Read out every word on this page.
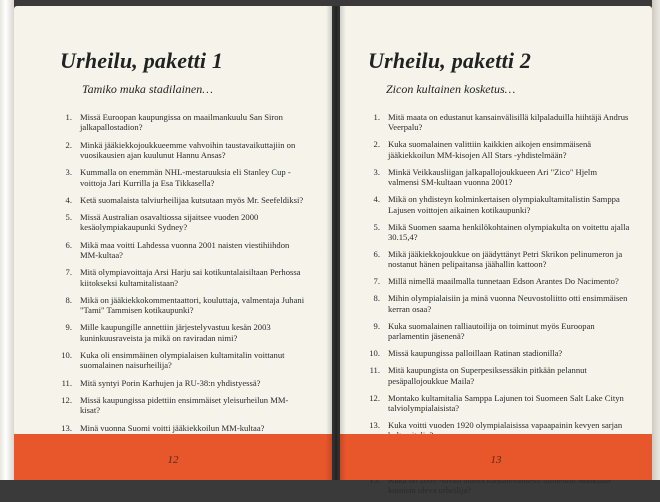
Urheilu, paketti 1
Tamiko muka stadilainen…
1. Missä Euroopan kaupungissa on maailmankuulu San Siron jalkapallostadion?
2. Minkä jääkiekkojoukkueemme vahvoihin taustavaikuttajiin on vuosikausien ajan kuulunut Hannu Ansas?
3. Kummalla on enemmän NHL-mestaruuksia eli Stanley Cup -voittoja Jari Kurrilla ja Esa Tikkasella?
4. Ketä suomalaista talviurheilijaa kutsutaan myös Mr. Seefeldiksi?
5. Missä Australian osavaltiossa sijaitsee vuoden 2000 kesäolympiakaupunki Sydney?
6. Mikä maa voitti Lahdessa vuonna 2001 naisten viestihiihdon MM-kultaa?
7. Mitä olympiavoittaja Arsi Harju sai kotikuntalaisiltaan Perhossa kiitokseksi kultamitalistaan?
8. Mikä on jääkiekkokommentaattori, kouluttaja, valmentaja Juhani "Tami" Tammisen kotikaupunki?
9. Mille kaupungille annettiin järjestelyvastuu kesän 2003 kuninkuusraveista ja mikä on raviradan nimi?
10. Kuka oli ensimmäinen olympialaisen kultamitalin voittanut suomalainen naisurheilija?
11. Mitä syntyi Porin Karhujen ja RU-38:n yhdistyessä?
12. Missä kaupungissa pidettiin ensimmäiset yleisurheilun MM-kisat?
13. Minä vuonna Suomi voitti jääkiekkoilun MM-kultaa?
12
Urheilu, paketti 2
Zicon kultainen kosketus…
1. Mitä maata on edustanut kansainvälisillä kilpaladuilla hiihtäjä Andrus Veerpalu?
2. Kuka suomalainen valittiin kaikkien aikojen ensimmäisenä jääkiekkoilun MM-kisojen All Stars -yhdistelmään?
3. Minkä Veikkausliigan jalkapallojoukkueen Ari "Zico" Hjelm valmensi SM-kultaan vuonna 2001?
4. Mikä on yhdisteyn kolminkertaisen olympiakultamitalistin Samppa Lajusen voittojen aikainen kotikaupunki?
5. Mikä Suomen saama henkilökohtainen olympiakulta on voitettu ajalla 30.15,4?
6. Mikä jääkiekkojoukkue on jäädyttänyt Petri Skrikon pelinumeron ja nostanut hänen pelipaitansa jäähallin kattoon?
7. Millä nimellä maailmalla tunnetaan Edson Arantes Do Nacimento?
8. Mihin olympialaisiin ja minä vuonna Neuvostoliitto otti ensimmäisen kerran osaa?
9. Kuka suomalainen ralliautoilija on toiminut myös Euroopan parlamentin jäsenenä?
10. Missä kaupungissa palloillaan Ratinan stadionilla?
11. Mitä kaupungista on Superpesiksessäkin pitkään pelannut pesäpallojoukkue Maila?
12. Montako kultamitalia Samppa Lajunen toi Suomeen Salt Lake Cityn talviolympialaisista?
13. Kuka voitti vuoden 1920 olympialaisissa vapaapainin kevyen sarjan
kotoisin oleva urheilija?
13
